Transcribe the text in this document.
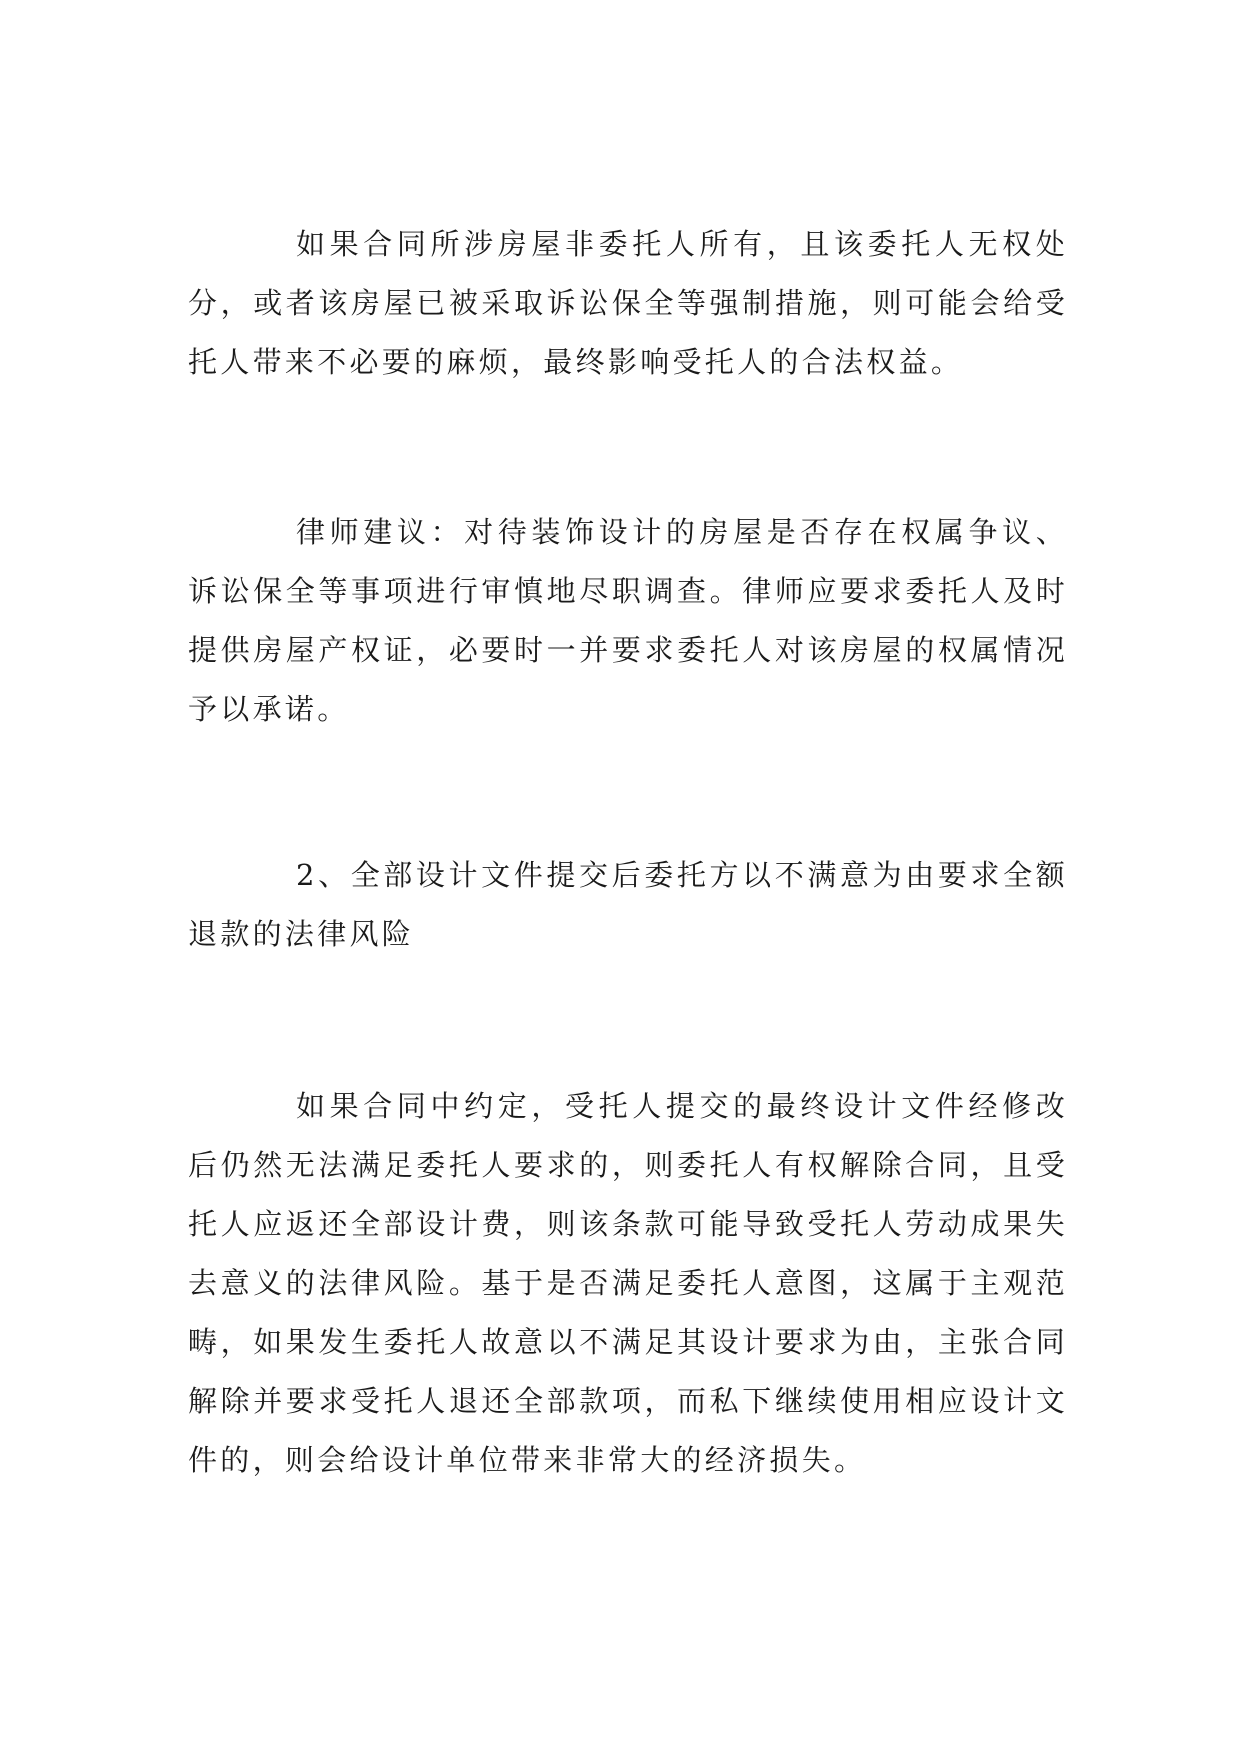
如果合同所涉房屋非委托人所有，且该委托人无权处分，或者该房屋已被采取诉讼保全等强制措施，则可能会给受托人带来不必要的麻烦，最终影响受托人的合法权益。

律师建议：对待装饰设计的房屋是否存在权属争议、诉讼保全等事项进行审慎地尽职调查。律师应要求委托人及时提供房屋产权证，必要时一并要求委托人对该房屋的权属情况予以承诺。

2、全部设计文件提交后委托方以不满意为由要求全额退款的法律风险

如果合同中约定，受托人提交的最终设计文件经修改后仍然无法满足委托人要求的，则委托人有权解除合同，且受托人应返还全部设计费，则该条款可能导致受托人劳动成果失去意义的法律风险。基于是否满足委托人意图，这属于主观范畴，如果发生委托人故意以不满足其设计要求为由，主张合同解除并要求受托人退还全部款项，而私下继续使用相应设计文件的，则会给设计单位带来非常大的经济损失。
